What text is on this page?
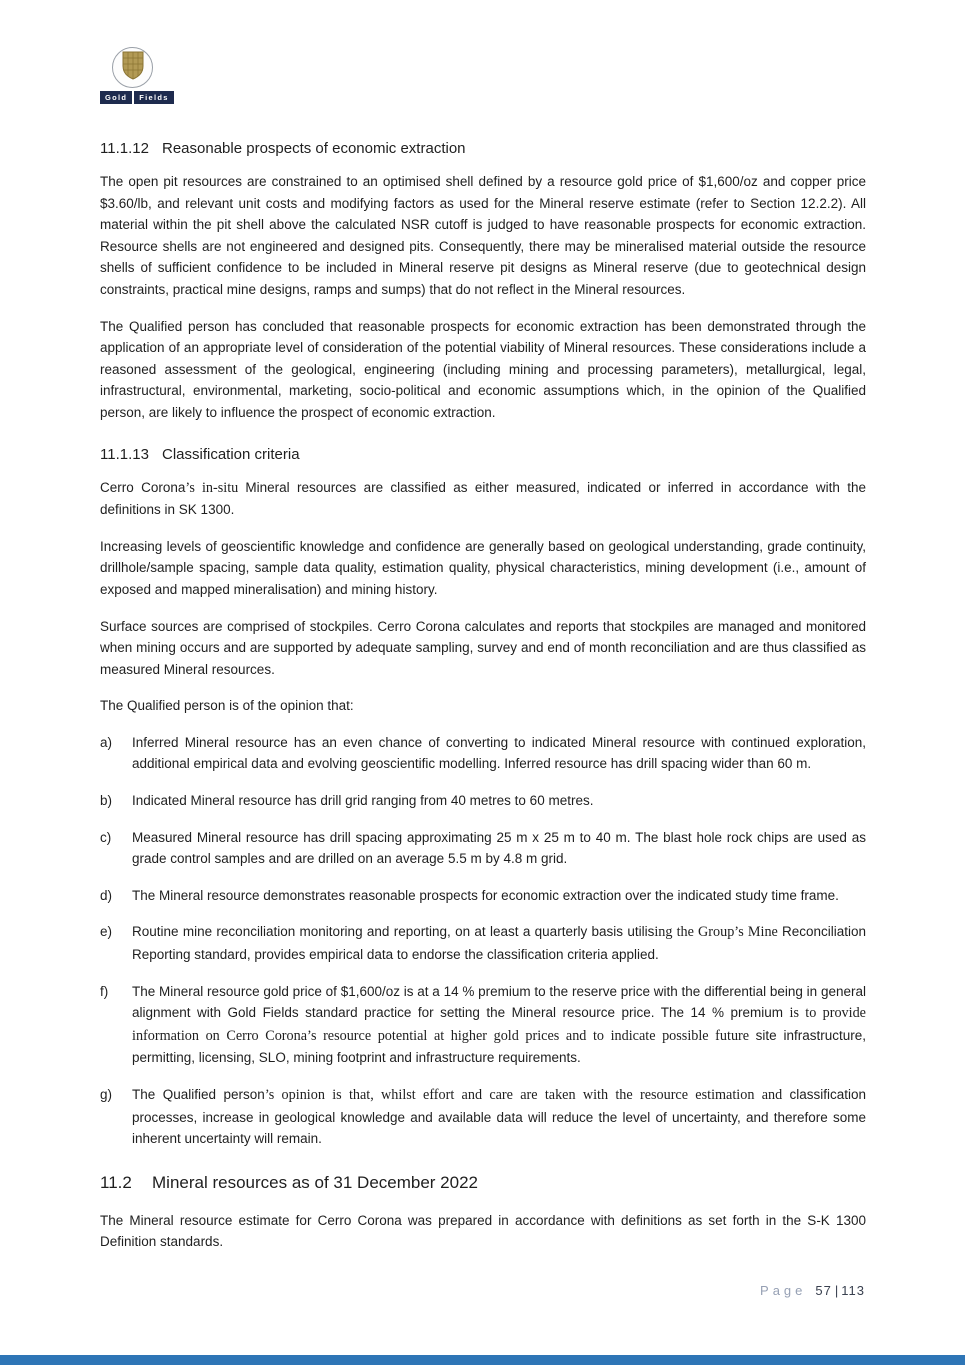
Gold	Fields
11.1.12 Reasonable prospects of economic extraction

The open pit resources are constrained to an optimised shell defined by a resource gold price of $1,600/oz and copper price $3.60/lb, and relevant unit costs and modifying factors as used for the Mineral reserve estimate (refer to Section 12.2.2). All material within the pit shell above the calculated NSR cutoff is judged to have reasonable prospects for economic extraction. Resource shells are not engineered and designed pits. Consequently, there may be mineralised material outside the resource shells of sufficient confidence to be included in Mineral reserve pit designs as Mineral reserve (due to geotechnical design constraints, practical mine designs, ramps and sumps) that do not reflect in the Mineral resources.

The Qualified person has concluded that reasonable prospects for economic extraction has been demonstrated through the application of an appropriate level of consideration of the potential viability of Mineral resources. These considerations include a reasoned assessment of the geological, engineering (including mining and processing parameters), metallurgical, legal, infrastructural, environmental, marketing, socio-political and economic assumptions which, in the opinion of the Qualified person, are likely to influence the prospect of economic extraction.

11.1.13 Classification criteria

Cerro Corona’s in-situ Mineral resources are classified as either measured, indicated or inferred in accordance with the definitions in SK 1300.

Increasing levels of geoscientific knowledge and confidence are generally based on geological understanding, grade continuity, drillhole/sample spacing, sample data quality, estimation quality, physical characteristics, mining development (i.e., amount of exposed and mapped mineralisation) and mining history.

Surface sources are comprised of stockpiles. Cerro Corona calculates and reports that stockpiles are managed and monitored when mining occurs and are supported by adequate sampling, survey and end of month reconciliation and are thus classified as measured Mineral resources.

The Qualified person is of the opinion that:

a)	Inferred Mineral resource has an even chance of converting to indicated Mineral resource with continued exploration, additional empirical data and evolving geoscientific modelling. Inferred resource has drill spacing wider than 60 m.
b)	Indicated Mineral resource has drill grid ranging from 40 metres to 60 metres.
c)	Measured Mineral resource has drill spacing approximating 25 m x 25 m to 40 m. The blast hole rock chips are used as grade control samples and are drilled on an average 5.5 m by 4.8 m grid.
d)	The Mineral resource demonstrates reasonable prospects for economic extraction over the indicated study time frame.
e)	Routine mine reconciliation monitoring and reporting, on at least a quarterly basis utilising the Group’s Mine Reconciliation Reporting standard, provides empirical data to endorse the classification criteria applied.
f)	The Mineral resource gold price of $1,600/oz is at a 14 % premium to the reserve price with the differential being in general alignment with Gold Fields standard practice for setting the Mineral resource price. The 14 % premium is to provide information on Cerro Corona’s resource potential at higher gold prices and to indicate possible future site infrastructure, permitting, licensing, SLO, mining footprint and infrastructure requirements.
g)	The Qualified person’s opinion is that, whilst effort and care are taken with the resource estimation and classification processes, increase in geological knowledge and available data will reduce the level of uncertainty, and therefore some inherent uncertainty will remain.
11.2 Mineral resources as of 31 December 2022

The Mineral resource estimate for Cerro Corona was prepared in accordance with definitions as set forth in the S-K 1300 Definition standards.

Page 57 | 113
